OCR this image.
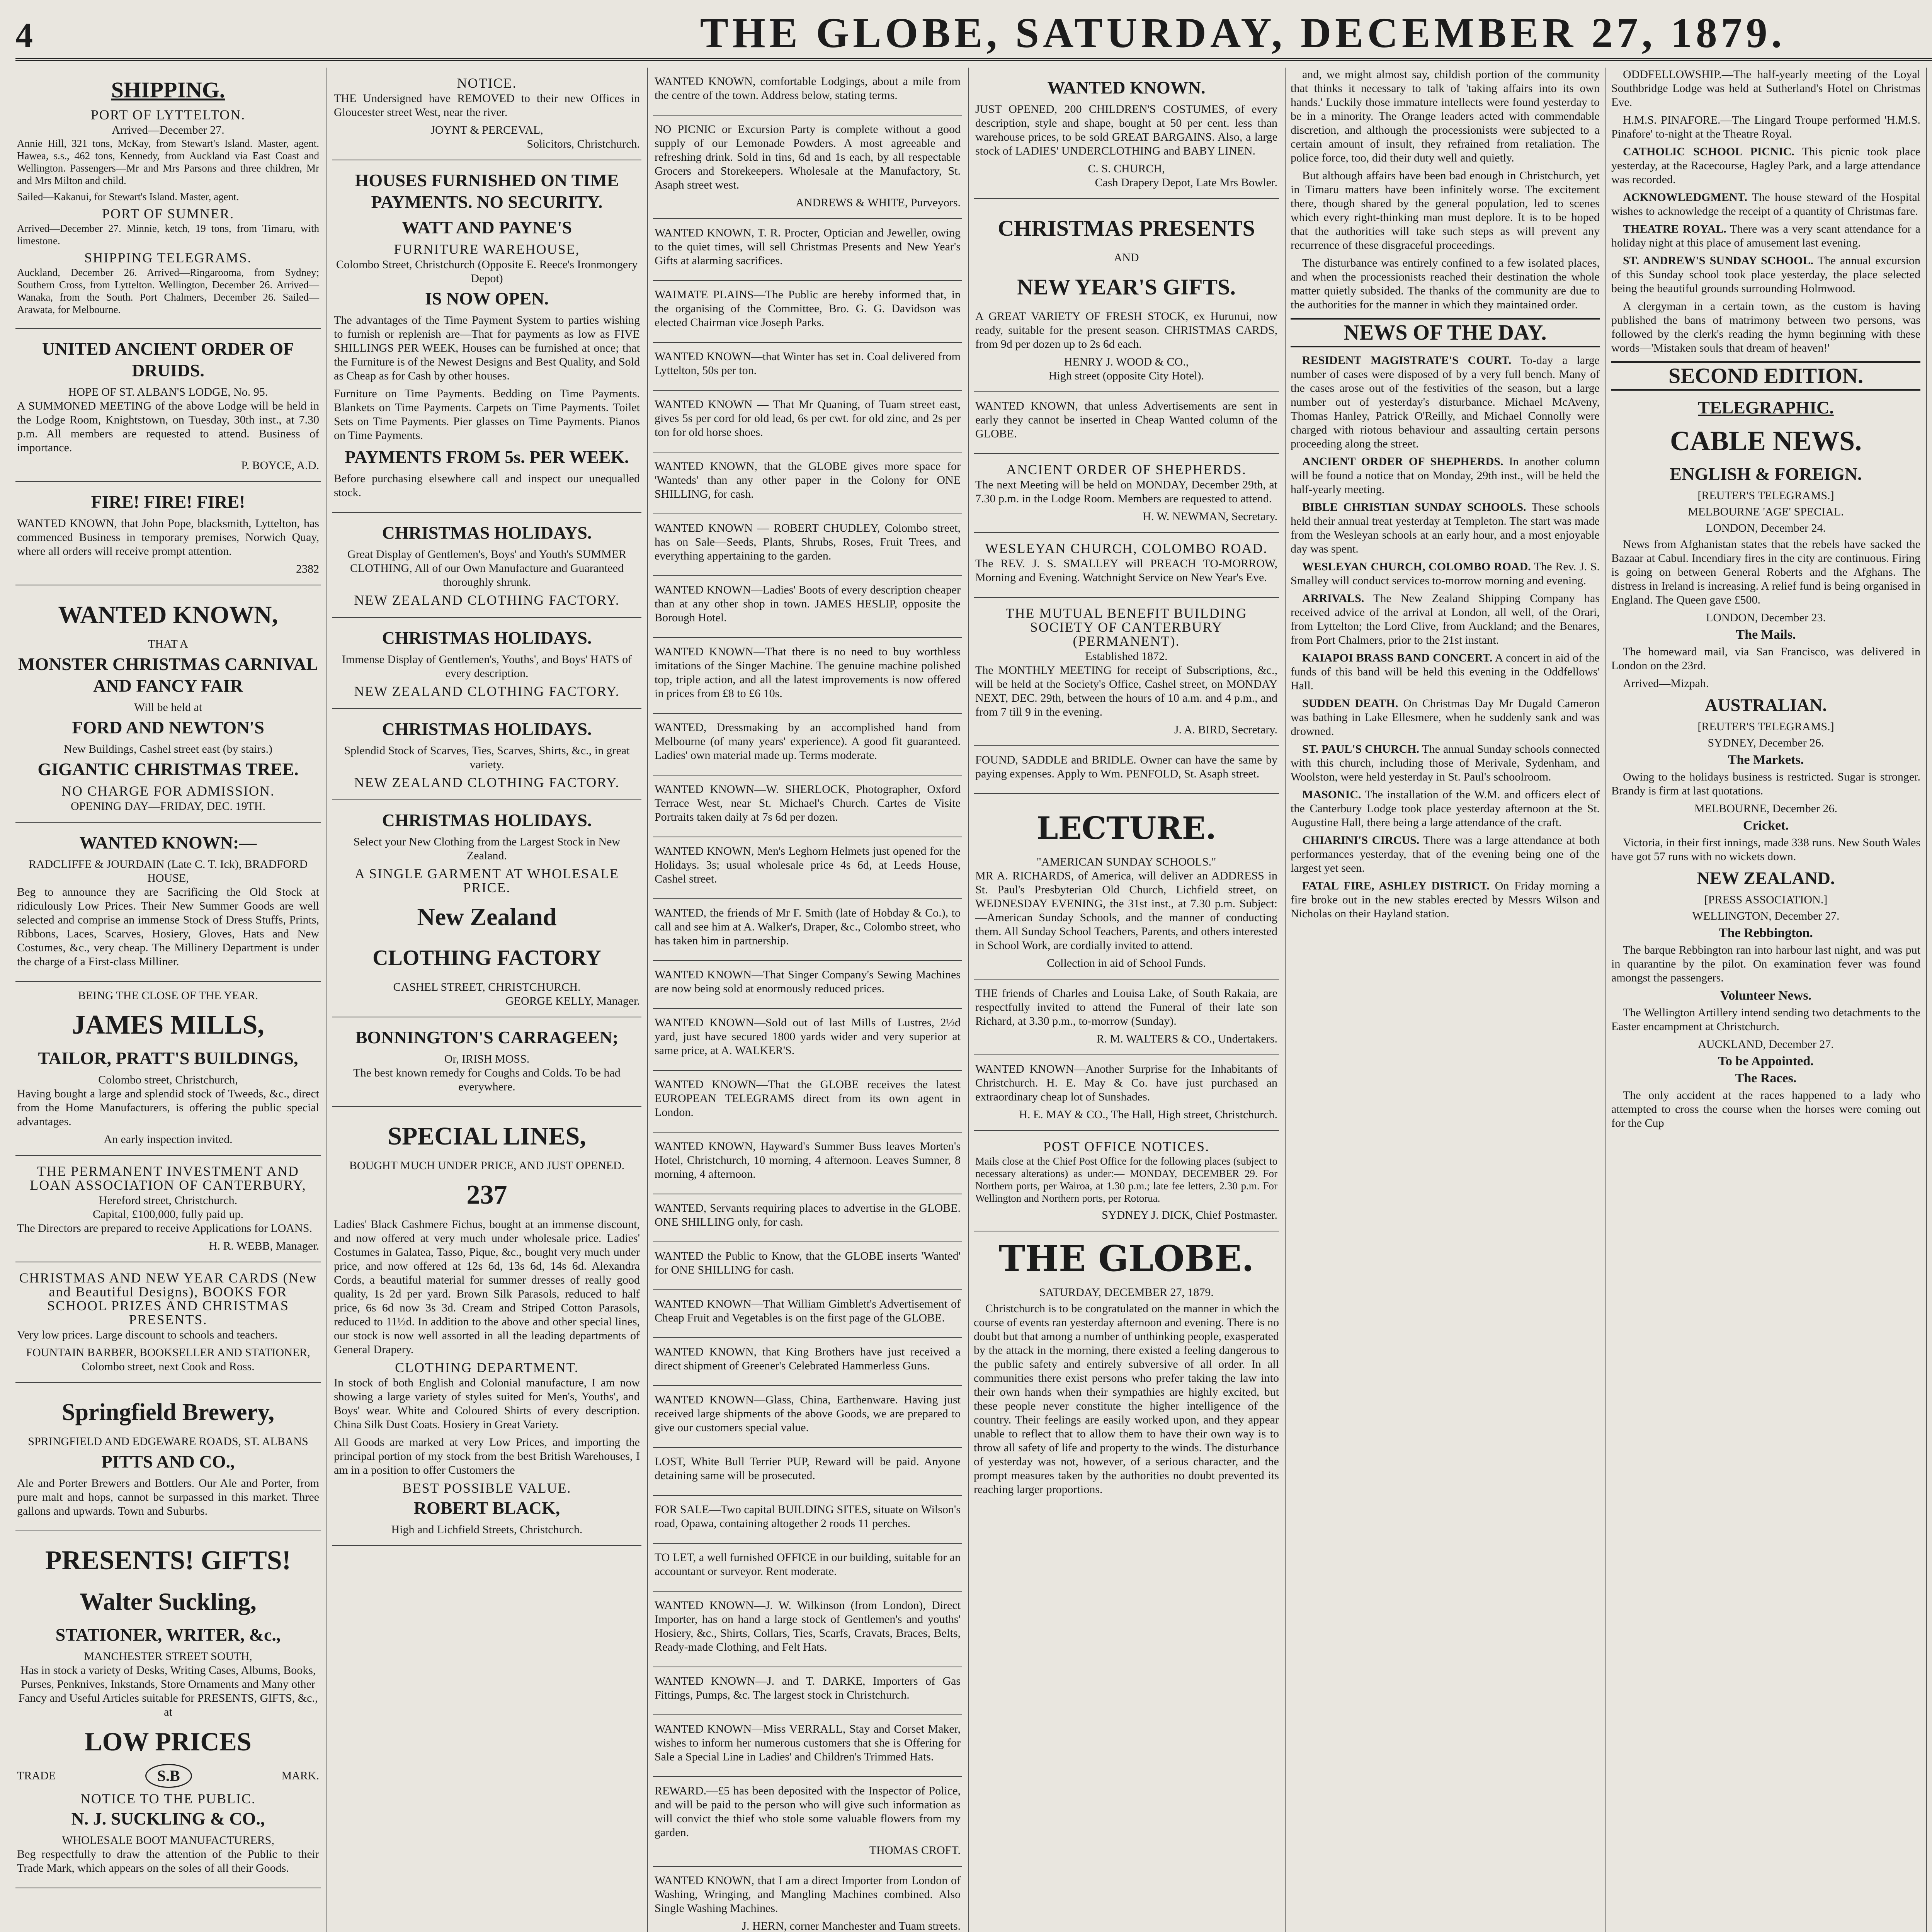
4	THE GLOBE, SATURDAY, DECEMBER 27, 1879.
SHIPPING.
PORT OF LYTTELTON.
Arrived—December 27.

Annie Hill, 321 tons, McKay, from Stewart's Island. Master, agent. Hawea, s.s., 462 tons, Kennedy, from Auckland via East Coast and Wellington. Passengers—Mr and Mrs Parsons and three children, Mr and Mrs Milton and child.

Sailed—Kakanui, for Stewart's Island. Master, agent.

PORT OF SUMNER.

Arrived—December 27. Minnie, ketch, 19 tons, from Timaru, with limestone.

SHIPPING TELEGRAMS.

Auckland, December 26. Arrived—Ringarooma, from Sydney; Southern Cross, from Lyttelton. Wellington, December 26. Arrived—Wanaka, from the South. Port Chalmers, December 26. Sailed—Arawata, for Melbourne.

UNITED ANCIENT ORDER OF DRUIDS.
HOPE OF ST. ALBAN'S LODGE, No. 95.

A SUMMONED MEETING of the above Lodge will be held in the Lodge Room, Knightstown, on Tuesday, 30th inst., at 7.30 p.m. All members are requested to attend. Business of importance.

P. BOYCE, A.D.
FIRE! FIRE! FIRE!

WANTED KNOWN, that John Pope, blacksmith, Lyttelton, has commenced Business in temporary premises, Norwich Quay, where all orders will receive prompt attention.

2382
WANTED KNOWN,
THAT A
MONSTER CHRISTMAS CARNIVAL AND FANCY FAIR
Will be held at
FORD AND NEWTON'S
New Buildings, Cashel street east (by stairs.)
GIGANTIC CHRISTMAS TREE.
NO CHARGE FOR ADMISSION.
OPENING DAY—FRIDAY, DEC. 19TH.
WANTED KNOWN:—
RADCLIFFE & JOURDAIN (Late C. T. Ick), BRADFORD HOUSE,

Beg to announce they are Sacrificing the Old Stock at ridiculously Low Prices. Their New Summer Goods are well selected and comprise an immense Stock of Dress Stuffs, Prints, Ribbons, Laces, Scarves, Hosiery, Gloves, Hats and New Costumes, &c., very cheap. The Millinery Department is under the charge of a First-class Milliner.

BEING THE CLOSE OF THE YEAR.
JAMES MILLS,
TAILOR, PRATT'S BUILDINGS,
Colombo street, Christchurch,

Having bought a large and splendid stock of Tweeds, &c., direct from the Home Manufacturers, is offering the public special advantages.

An early inspection invited.
THE PERMANENT INVESTMENT AND LOAN ASSOCIATION OF CANTERBURY,
Hereford street, Christchurch.
Capital, £100,000, fully paid up.

The Directors are prepared to receive Applications for LOANS.

H. R. WEBB, Manager.
CHRISTMAS AND NEW YEAR CARDS (New and Beautiful Designs), BOOKS FOR SCHOOL PRIZES AND CHRISTMAS PRESENTS.

Very low prices. Large discount to schools and teachers.

FOUNTAIN BARBER, BOOKSELLER AND STATIONER, Colombo street, next Cook and Ross.
Springfield Brewery,
SPRINGFIELD AND EDGEWARE ROADS, ST. ALBANS
PITTS AND CO.,

Ale and Porter Brewers and Bottlers. Our Ale and Porter, from pure malt and hops, cannot be surpassed in this market. Three gallons and upwards. Town and Suburbs.

PRESENTS! GIFTS!
Walter Suckling,
STATIONER, WRITER, &c.,
MANCHESTER STREET SOUTH,

Has in stock a variety of Desks, Writing Cases, Albums, Books, Purses, Penknives, Inkstands, Store Ornaments and Many other Fancy and Useful Articles suitable for PRESENTS, GIFTS, &c., at

LOW PRICES
TRADE	S.B	MARK.
NOTICE TO THE PUBLIC.
N. J. SUCKLING & CO.,
WHOLESALE BOOT MANUFACTURERS,

Beg respectfully to draw the attention of the Public to their Trade Mark, which appears on the soles of all their Goods.

NOTICE.

THE Undersigned have REMOVED to their new Offices in Gloucester street West, near the river.

JOYNT & PERCEVAL,
Solicitors, Christchurch.
HOUSES FURNISHED ON TIME PAYMENTS. NO SECURITY.
WATT AND PAYNE'S
FURNITURE WAREHOUSE,
Colombo Street, Christchurch (Opposite E. Reece's Ironmongery Depot)
IS NOW OPEN.

The advantages of the Time Payment System to parties wishing to furnish or replenish are—That for payments as low as FIVE SHILLINGS PER WEEK, Houses can be furnished at once; that the Furniture is of the Newest Designs and Best Quality, and Sold as Cheap as for Cash by other houses.

Furniture on Time Payments. Bedding on Time Payments. Blankets on Time Payments. Carpets on Time Payments. Toilet Sets on Time Payments. Pier glasses on Time Payments. Pianos on Time Payments.

PAYMENTS FROM 5s. PER WEEK.

Before purchasing elsewhere call and inspect our unequalled stock.

CHRISTMAS HOLIDAYS.

Great Display of Gentlemen's, Boys' and Youth's SUMMER CLOTHING, All of our Own Manufacture and Guaranteed thoroughly shrunk.

NEW ZEALAND CLOTHING FACTORY.
CHRISTMAS HOLIDAYS.

Immense Display of Gentlemen's, Youths', and Boys' HATS of every description.

NEW ZEALAND CLOTHING FACTORY.
CHRISTMAS HOLIDAYS.

Splendid Stock of Scarves, Ties, Scarves, Shirts, &c., in great variety.

NEW ZEALAND CLOTHING FACTORY.
CHRISTMAS HOLIDAYS.

Select your New Clothing from the Largest Stock in New Zealand.

A SINGLE GARMENT AT WHOLESALE PRICE.
New Zealand
CLOTHING FACTORY
CASHEL STREET, CHRISTCHURCH.
GEORGE KELLY, Manager.
BONNINGTON'S CARRAGEEN;
Or, IRISH MOSS.

The best known remedy for Coughs and Colds. To be had everywhere.

SPECIAL LINES,
BOUGHT MUCH UNDER PRICE, AND JUST OPENED.
237

Ladies' Black Cashmere Fichus, bought at an immense discount, and now offered at very much under wholesale price. Ladies' Costumes in Galatea, Tasso, Pique, &c., bought very much under price, and now offered at 12s 6d, 13s 6d, 14s 6d. Alexandra Cords, a beautiful material for summer dresses of really good quality, 1s 2d per yard. Brown Silk Parasols, reduced to half price, 6s 6d now 3s 3d. Cream and Striped Cotton Parasols, reduced to 11½d. In addition to the above and other special lines, our stock is now well assorted in all the leading departments of General Drapery.

CLOTHING DEPARTMENT.

In stock of both English and Colonial manufacture, I am now showing a large variety of styles suited for Men's, Youths', and Boys' wear. White and Coloured Shirts of every description. China Silk Dust Coats. Hosiery in Great Variety.

All Goods are marked at very Low Prices, and importing the principal portion of my stock from the best British Warehouses, I am in a position to offer Customers the

BEST POSSIBLE VALUE.
ROBERT BLACK,
High and Lichfield Streets, Christchurch.

WANTED KNOWN, comfortable Lodgings, about a mile from the centre of the town. Address below, stating terms.

NO PICNIC or Excursion Party is complete without a good supply of our Lemonade Powders. A most agreeable and refreshing drink. Sold in tins, 6d and 1s each, by all respectable Grocers and Storekeepers. Wholesale at the Manufactory, St. Asaph street west.

ANDREWS & WHITE, Purveyors.

WANTED KNOWN, T. R. Procter, Optician and Jeweller, owing to the quiet times, will sell Christmas Presents and New Year's Gifts at alarming sacrifices.

WAIMATE PLAINS—The Public are hereby informed that, in the organising of the Committee, Bro. G. G. Davidson was elected Chairman vice Joseph Parks.

WANTED KNOWN—that Winter has set in. Coal delivered from Lyttelton, 50s per ton.

WANTED KNOWN — That Mr Quaning, of Tuam street east, gives 5s per cord for old lead, 6s per cwt. for old zinc, and 2s per ton for old horse shoes.

WANTED KNOWN, that the GLOBE gives more space for 'Wanteds' than any other paper in the Colony for ONE SHILLING, for cash.

WANTED KNOWN — ROBERT CHUDLEY, Colombo street, has on Sale—Seeds, Plants, Shrubs, Roses, Fruit Trees, and everything appertaining to the garden.

WANTED KNOWN—Ladies' Boots of every description cheaper than at any other shop in town. JAMES HESLIP, opposite the Borough Hotel.

WANTED KNOWN—That there is no need to buy worthless imitations of the Singer Machine. The genuine machine polished top, triple action, and all the latest improvements is now offered in prices from £8 to £6 10s.

WANTED, Dressmaking by an accomplished hand from Melbourne (of many years' experience). A good fit guaranteed. Ladies' own material made up. Terms moderate.

WANTED KNOWN—W. SHERLOCK, Photographer, Oxford Terrace West, near St. Michael's Church. Cartes de Visite Portraits taken daily at 7s 6d per dozen.

WANTED KNOWN, Men's Leghorn Helmets just opened for the Holidays. 3s; usual wholesale price 4s 6d, at Leeds House, Cashel street.

WANTED, the friends of Mr F. Smith (late of Hobday & Co.), to call and see him at A. Walker's, Draper, &c., Colombo street, who has taken him in partnership.

WANTED KNOWN—That Singer Company's Sewing Machines are now being sold at enormously reduced prices.

WANTED KNOWN—Sold out of last Mills of Lustres, 2½d yard, just have secured 1800 yards wider and very superior at same price, at A. WALKER'S.

WANTED KNOWN—That the GLOBE receives the latest EUROPEAN TELEGRAMS direct from its own agent in London.

WANTED KNOWN, Hayward's Summer Buss leaves Morten's Hotel, Christchurch, 10 morning, 4 afternoon. Leaves Sumner, 8 morning, 4 afternoon.

WANTED, Servants requiring places to advertise in the GLOBE. ONE SHILLING only, for cash.

WANTED the Public to Know, that the GLOBE inserts 'Wanted' for ONE SHILLING for cash.

WANTED KNOWN—That William Gimblett's Advertisement of Cheap Fruit and Vegetables is on the first page of the GLOBE.

WANTED KNOWN, that King Brothers have just received a direct shipment of Greener's Celebrated Hammerless Guns.

WANTED KNOWN—Glass, China, Earthenware. Having just received large shipments of the above Goods, we are prepared to give our customers special value.

LOST, White Bull Terrier PUP, Reward will be paid. Anyone detaining same will be prosecuted.

FOR SALE—Two capital BUILDING SITES, situate on Wilson's road, Opawa, containing altogether 2 roods 11 perches.

TO LET, a well furnished OFFICE in our building, suitable for an accountant or surveyor. Rent moderate.

WANTED KNOWN—J. W. Wilkinson (from London), Direct Importer, has on hand a large stock of Gentlemen's and youths' Hosiery, &c., Shirts, Collars, Ties, Scarfs, Cravats, Braces, Belts, Ready-made Clothing, and Felt Hats.

WANTED KNOWN—J. and T. DARKE, Importers of Gas Fittings, Pumps, &c. The largest stock in Christchurch.

WANTED KNOWN—Miss VERRALL, Stay and Corset Maker, wishes to inform her numerous customers that she is Offering for Sale a Special Line in Ladies' and Children's Trimmed Hats.

REWARD.—£5 has been deposited with the Inspector of Police, and will be paid to the person who will give such information as will convict the thief who stole some valuable flowers from my garden.

THOMAS CROFT.

WANTED KNOWN, that I am a direct Importer from London of Washing, Wringing, and Mangling Machines combined. Also Single Washing Machines.

J. HERN, corner Manchester and Tuam streets.
WANTED KNOWN.

JUST OPENED, 200 CHILDREN'S COSTUMES, of every description, style and shape, bought at 50 per cent. less than warehouse prices, to be sold GREAT BARGAINS. Also, a large stock of LADIES' UNDERCLOTHING and BABY LINEN.

C. S. CHURCH,
Cash Drapery Depot, Late Mrs Bowler.
CHRISTMAS PRESENTS
AND
NEW YEAR'S GIFTS.

A GREAT VARIETY OF FRESH STOCK, ex Hurunui, now ready, suitable for the present season. CHRISTMAS CARDS, from 9d per dozen up to 2s 6d each.

HENRY J. WOOD & CO.,
High street (opposite City Hotel).

WANTED KNOWN, that unless Advertisements are sent in early they cannot be inserted in Cheap Wanted column of the GLOBE.

ANCIENT ORDER OF SHEPHERDS.

The next Meeting will be held on MONDAY, December 29th, at 7.30 p.m. in the Lodge Room. Members are requested to attend.

H. W. NEWMAN, Secretary.
WESLEYAN CHURCH, COLOMBO ROAD.

The REV. J. S. SMALLEY will PREACH TO-MORROW, Morning and Evening. Watchnight Service on New Year's Eve.

THE MUTUAL BENEFIT BUILDING SOCIETY OF CANTERBURY (PERMANENT).
Established 1872.

The MONTHLY MEETING for receipt of Subscriptions, &c., will be held at the Society's Office, Cashel street, on MONDAY NEXT, DEC. 29th, between the hours of 10 a.m. and 4 p.m., and from 7 till 9 in the evening.

J. A. BIRD, Secretary.

FOUND, SADDLE and BRIDLE. Owner can have the same by paying expenses. Apply to Wm. PENFOLD, St. Asaph street.

LECTURE.
"AMERICAN SUNDAY SCHOOLS."

MR A. RICHARDS, of America, will deliver an ADDRESS in St. Paul's Presbyterian Old Church, Lichfield street, on WEDNESDAY EVENING, the 31st inst., at 7.30 p.m. Subject:—American Sunday Schools, and the manner of conducting them. All Sunday School Teachers, Parents, and others interested in School Work, are cordially invited to attend.

Collection in aid of School Funds.

THE friends of Charles and Louisa Lake, of South Rakaia, are respectfully invited to attend the Funeral of their late son Richard, at 3.30 p.m., to-morrow (Sunday).

R. M. WALTERS & CO., Undertakers.

WANTED KNOWN—Another Surprise for the Inhabitants of Christchurch. H. E. May & Co. have just purchased an extraordinary cheap lot of Sunshades.

H. E. MAY & CO., The Hall, High street, Christchurch.
POST OFFICE NOTICES.

Mails close at the Chief Post Office for the following places (subject to necessary alterations) as under:— MONDAY, DECEMBER 29. For Northern ports, per Wairoa, at 1.30 p.m.; late fee letters, 2.30 p.m. For Wellington and Northern ports, per Rotorua.

SYDNEY J. DICK, Chief Postmaster.
THE GLOBE.
SATURDAY, DECEMBER 27, 1879.

Christchurch is to be congratulated on the manner in which the course of events ran yesterday afternoon and evening. There is no doubt but that among a number of unthinking people, exasperated by the attack in the morning, there existed a feeling dangerous to the public safety and entirely subversive of all order. In all communities there exist persons who prefer taking the law into their own hands when their sympathies are highly excited, but these people never constitute the higher intelligence of the country. Their feelings are easily worked upon, and they appear unable to reflect that to allow them to have their own way is to throw all safety of life and property to the winds. The disturbance of yesterday was not, however, of a serious character, and the prompt measures taken by the authorities no doubt prevented its reaching larger proportions.

and, we might almost say, childish portion of the community that thinks it necessary to talk of 'taking affairs into its own hands.' Luckily those immature intellects were found yesterday to be in a minority. The Orange leaders acted with commendable discretion, and although the processionists were subjected to a certain amount of insult, they refrained from retaliation. The police force, too, did their duty well and quietly.

But although affairs have been bad enough in Christchurch, yet in Timaru matters have been infinitely worse. The excitement there, though shared by the general population, led to scenes which every right-thinking man must deplore. It is to be hoped that the authorities will take such steps as will prevent any recurrence of these disgraceful proceedings.

The disturbance was entirely confined to a few isolated places, and when the processionists reached their destination the whole matter quietly subsided. The thanks of the community are due to the authorities for the manner in which they maintained order.

NEWS OF THE DAY.

RESIDENT MAGISTRATE'S COURT. To-day a large number of cases were disposed of by a very full bench. Many of the cases arose out of the festivities of the season, but a large number out of yesterday's disturbance. Michael McAveny, Thomas Hanley, Patrick O'Reilly, and Michael Connolly were charged with riotous behaviour and assaulting certain persons proceeding along the street.

ANCIENT ORDER OF SHEPHERDS. In another column will be found a notice that on Monday, 29th inst., will be held the half-yearly meeting.

BIBLE CHRISTIAN SUNDAY SCHOOLS. These schools held their annual treat yesterday at Templeton. The start was made from the Wesleyan schools at an early hour, and a most enjoyable day was spent.

WESLEYAN CHURCH, COLOMBO ROAD. The Rev. J. S. Smalley will conduct services to-morrow morning and evening.

ARRIVALS. The New Zealand Shipping Company has received advice of the arrival at London, all well, of the Orari, from Lyttelton; the Lord Clive, from Auckland; and the Benares, from Port Chalmers, prior to the 21st instant.

KAIAPOI BRASS BAND CONCERT. A concert in aid of the funds of this band will be held this evening in the Oddfellows' Hall.

SUDDEN DEATH. On Christmas Day Mr Dugald Cameron was bathing in Lake Ellesmere, when he suddenly sank and was drowned.

ST. PAUL'S CHURCH. The annual Sunday schools connected with this church, including those of Merivale, Sydenham, and Woolston, were held yesterday in St. Paul's schoolroom.

MASONIC. The installation of the W.M. and officers elect of the Canterbury Lodge took place yesterday afternoon at the St. Augustine Hall, there being a large attendance of the craft.

CHIARINI'S CIRCUS. There was a large attendance at both performances yesterday, that of the evening being one of the largest yet seen.

FATAL FIRE, ASHLEY DISTRICT. On Friday morning a fire broke out in the new stables erected by Messrs Wilson and Nicholas on their Hayland station.

ODDFELLOWSHIP.—The half-yearly meeting of the Loyal Southbridge Lodge was held at Sutherland's Hotel on Christmas Eve.

H.M.S. PINAFORE.—The Lingard Troupe performed 'H.M.S. Pinafore' to-night at the Theatre Royal.

CATHOLIC SCHOOL PICNIC. This picnic took place yesterday, at the Racecourse, Hagley Park, and a large attendance was recorded.

ACKNOWLEDGMENT. The house steward of the Hospital wishes to acknowledge the receipt of a quantity of Christmas fare.

THEATRE ROYAL. There was a very scant attendance for a holiday night at this place of amusement last evening.

ST. ANDREW'S SUNDAY SCHOOL. The annual excursion of this Sunday school took place yesterday, the place selected being the beautiful grounds surrounding Holmwood.

A clergyman in a certain town, as the custom is having published the bans of matrimony between two persons, was followed by the clerk's reading the hymn beginning with these words—'Mistaken souls that dream of heaven!'

SECOND EDITION.
TELEGRAPHIC.
CABLE NEWS.
ENGLISH & FOREIGN.
[REUTER'S TELEGRAMS.]
MELBOURNE 'AGE' SPECIAL.
LONDON, December 24.

News from Afghanistan states that the rebels have sacked the Bazaar at Cabul. Incendiary fires in the city are continuous. Firing is going on between General Roberts and the Afghans. The distress in Ireland is increasing. A relief fund is being organised in England. The Queen gave £500.

LONDON, December 23.
The Mails.

The homeward mail, via San Francisco, was delivered in London on the 23rd.

Arrived—Mizpah.

AUSTRALIAN.
[REUTER'S TELEGRAMS.]
SYDNEY, December 26.
The Markets.

Owing to the holidays business is restricted. Sugar is stronger. Brandy is firm at last quotations.

MELBOURNE, December 26.
Cricket.

Victoria, in their first innings, made 338 runs. New South Wales have got 57 runs with no wickets down.

NEW ZEALAND.
[PRESS ASSOCIATION.]
WELLINGTON, December 27.
The Rebbington.

The barque Rebbington ran into harbour last night, and was put in quarantine by the pilot. On examination fever was found amongst the passengers.

Volunteer News.

The Wellington Artillery intend sending two detachments to the Easter encampment at Christchurch.

AUCKLAND, December 27.
To be Appointed.
The Races.

The only accident at the races happened to a lady who attempted to cross the course when the horses were coming out for the Cup
